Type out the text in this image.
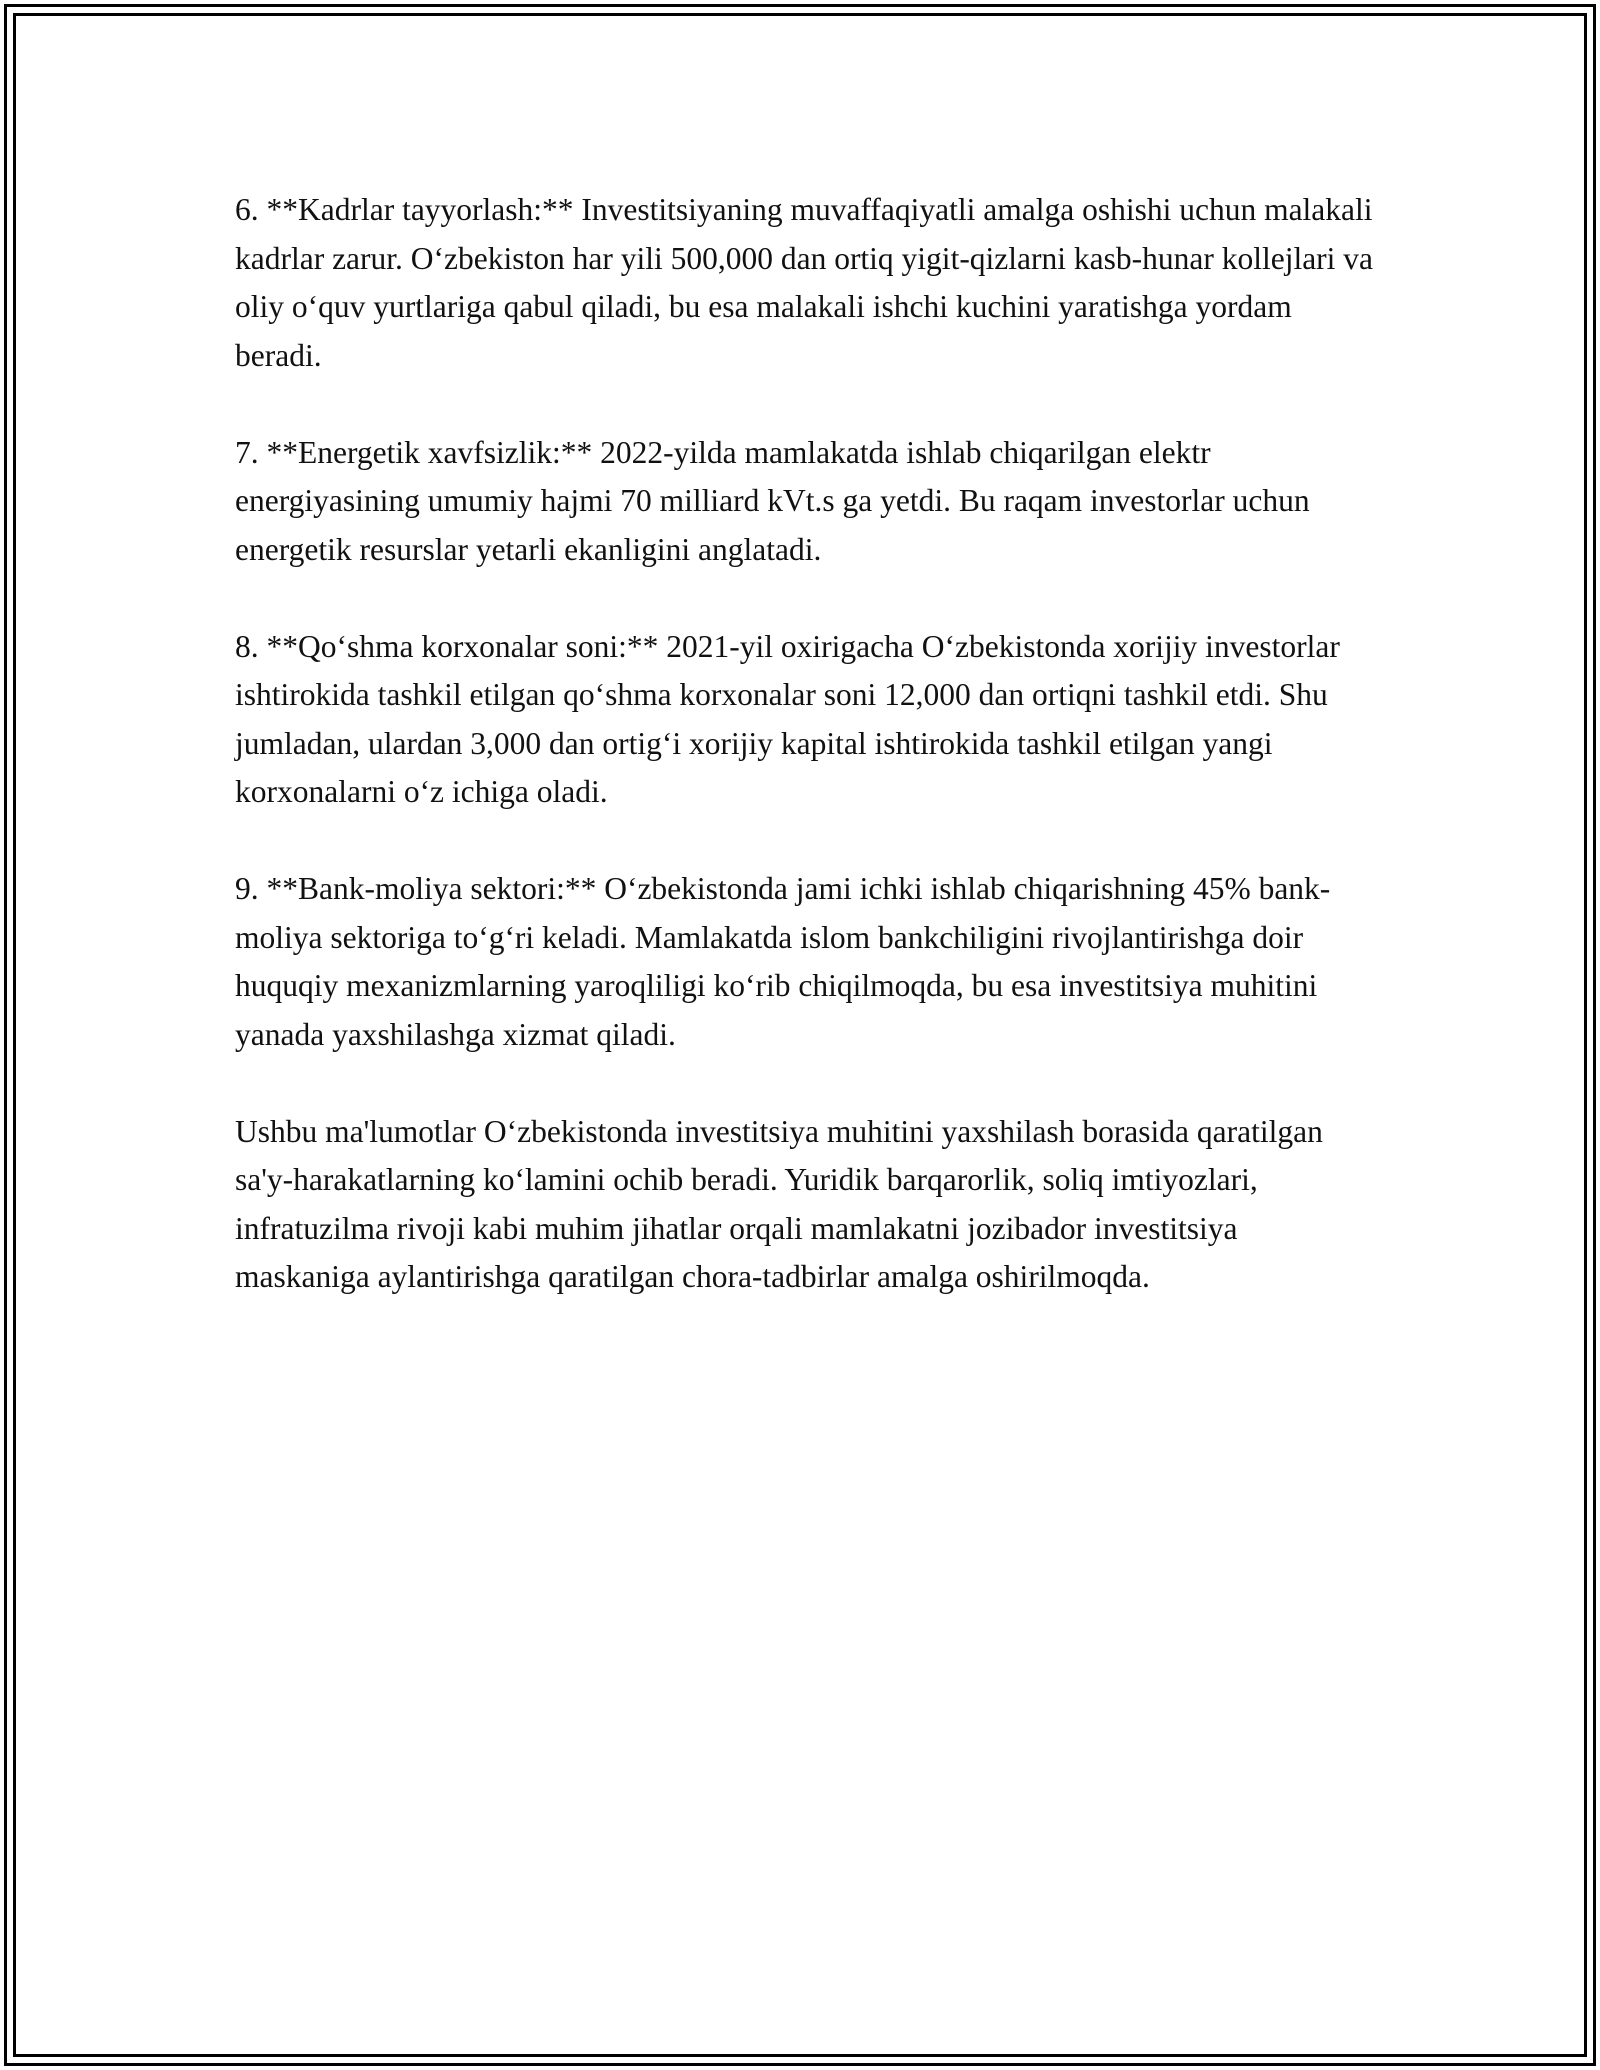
6. **Kadrlar tayyorlash:** Investitsiyaning muvaffaqiyatli amalga oshishi uchun malakali kadrlar zarur. O‘zbekiston har yili 500,000 dan ortiq yigit-qizlarni kasb-hunar kollejlari va oliy o‘quv yurtlariga qabul qiladi, bu esa malakali ishchi kuchini yaratishga yordam beradi.

7. **Energetik xavfsizlik:** 2022-yilda mamlakatda ishlab chiqarilgan elektr energiyasining umumiy hajmi 70 milliard kVt.s ga yetdi. Bu raqam investorlar uchun energetik resurslar yetarli ekanligini anglatadi.

8. **Qo‘shma korxonalar soni:** 2021-yil oxirigacha O‘zbekistonda xorijiy investorlar ishtirokida tashkil etilgan qo‘shma korxonalar soni 12,000 dan ortiqni tashkil etdi. Shu jumladan, ulardan 3,000 dan ortig‘i xorijiy kapital ishtirokida tashkil etilgan yangi korxonalarni o‘z ichiga oladi.

9. **Bank-moliya sektori:** O‘zbekistonda jami ichki ishlab chiqarishning 45% bank-moliya sektoriga to‘g‘ri keladi. Mamlakatda islom bankchiligini rivojlantirishga doir huquqiy mexanizmlarning yaroqliligi ko‘rib chiqilmoqda, bu esa investitsiya muhitini yanada yaxshilashga xizmat qiladi.

Ushbu ma'lumotlar O‘zbekistonda investitsiya muhitini yaxshilash borasida qaratilgan sa'y-harakatlarning ko‘lamini ochib beradi. Yuridik barqarorlik, soliq imtiyozlari, infratuzilma rivoji kabi muhim jihatlar orqali mamlakatni jozibador investitsiya maskaniga aylantirishga qaratilgan chora-tadbirlar amalga oshirilmoqda.
